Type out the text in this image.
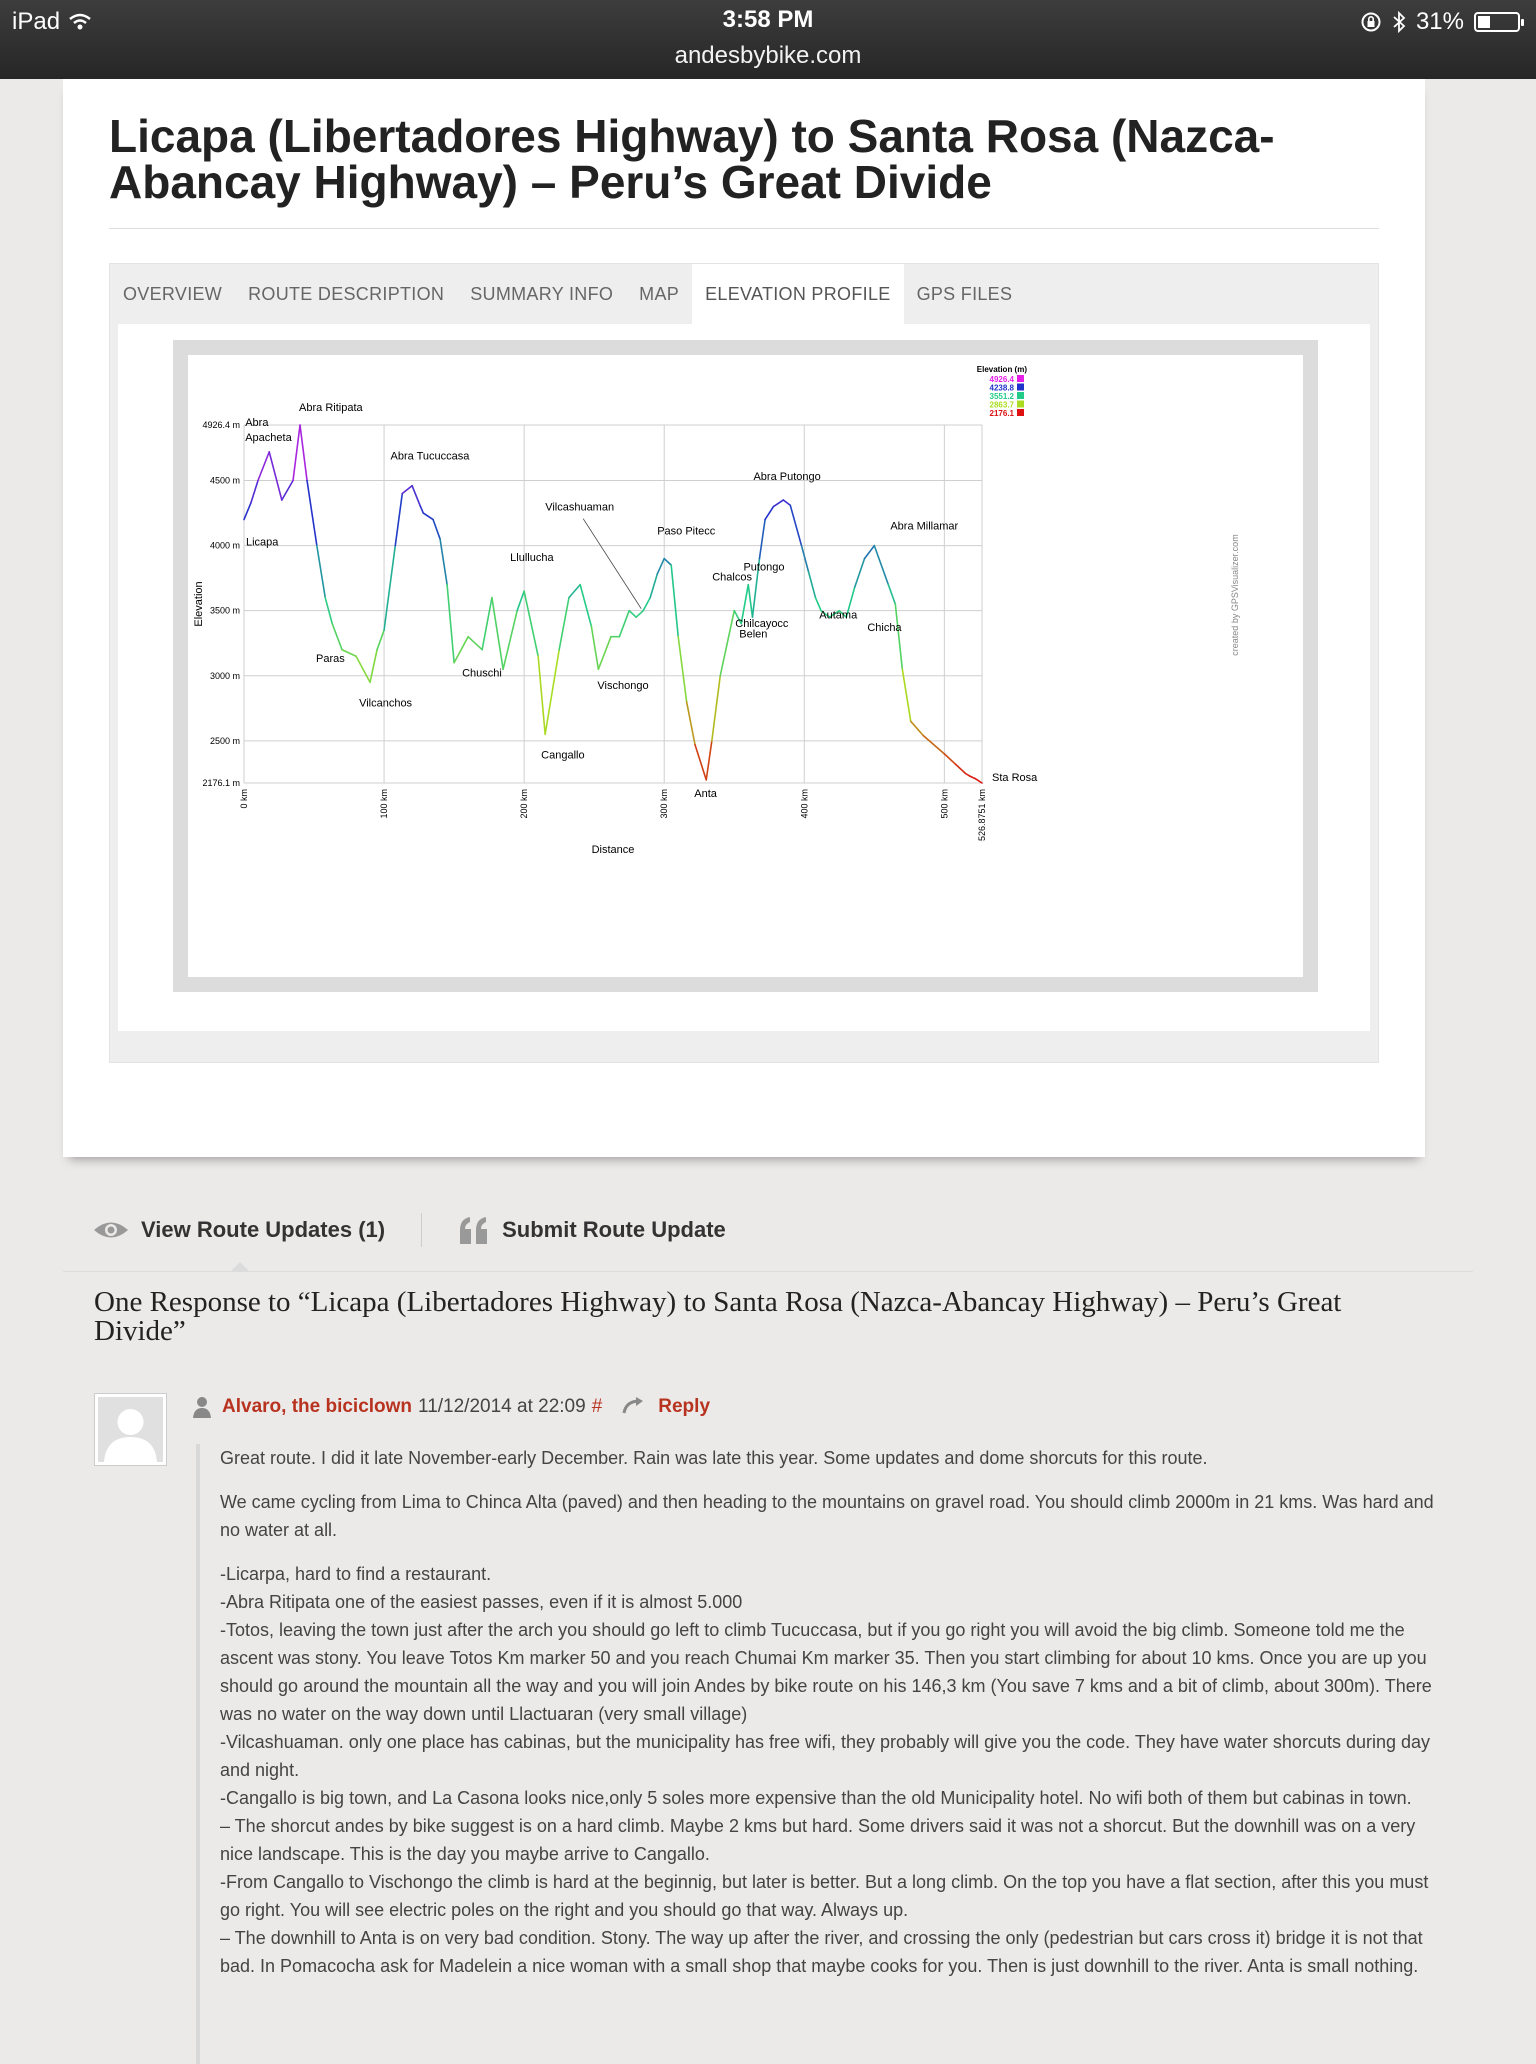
iPad	3:58 PM
andesbybike.com
31%
Licapa (Libertadores Highway) to Santa Rosa (Nazca-Abancay Highway) – Peru’s Great Divide
OVERVIEW	ROUTE DESCRIPTION	SUMMARY INFO	MAP	ELEVATION PROFILE	GPS FILES
2176.1 m
2500 m
3000 m
3500 m
4000 m
4500 m
4926.4 m
0 km	100 km	200 km	300 km	400 km	500 km	526.8751 km
Distance
Elevation
Licapa
Abra
Apacheta
Abra Ritipata
Paras
Vilcanchos
Abra Tucuccasa
Chuschi
Llullucha
Cangallo
Vischongo
Vilcashuaman
Paso Pitecc
Anta
Chalcos
Belen
Chilcayocc
Putongo
Abra Putongo
Autama
Chicha
Abra Millamar
Sta Rosa
Elevation (m)
4926.4
4238.8
3551.2
2863.7
2176.1
created by GPSVisualizer.com
View Route Updates (1)	Submit Route Update
One Response to “Licapa (Libertadores Highway) to Santa Rosa (Nazca-Abancay Highway) – Peru’s Great Divide”
Alvaro, the biciclown 11/12/2014 at 22:09 #	Reply

Great route. I did it late November-early December. Rain was late this year. Some updates and dome shorcuts for this route.

We came cycling from Lima to Chinca Alta (paved) and then heading to the mountains on gravel road. You should climb 2000m in 21 kms. Was hard and no water at all.

-Licarpa, hard to find a restaurant.
-Abra Ritipata one of the easiest passes, even if it is almost 5.000
-Totos, leaving the town just after the arch you should go left to climb Tucuccasa, but if you go right you will avoid the big climb. Someone told me the ascent was stony. You leave Totos Km marker 50 and you reach Chumai Km marker 35. Then you start climbing for about 10 kms. Once you are up you should go around the mountain all the way and you will join Andes by bike route on his 146,3 km (You save 7 kms and a bit of climb, about 300m). There was no water on the way down until Llactuaran (very small village)
-Vilcashuaman. only one place has cabinas, but the municipality has free wifi, they probably will give you the code. They have water shorcuts during day and night.
-Cangallo is big town, and La Casona looks nice,only 5 soles more expensive than the old Municipality hotel. No wifi both of them but cabinas in town.
– The shorcut andes by bike suggest is on a hard climb. Maybe 2 kms but hard. Some drivers said it was not a shorcut. But the downhill was on a very nice landscape. This is the day you maybe arrive to Cangallo.
-From Cangallo to Vischongo the climb is hard at the beginnig, but later is better. But a long climb. On the top you have a flat section, after this you must go right. You will see electric poles on the right and you should go that way. Always up.
– The downhill to Anta is on very bad condition. Stony. The way up after the river, and crossing the only (pedestrian but cars cross it) bridge it is not that bad. In Pomacocha ask for Madelein a nice woman with a small shop that maybe cooks for you. Then is just downhill to the river. Anta is small nothing.
